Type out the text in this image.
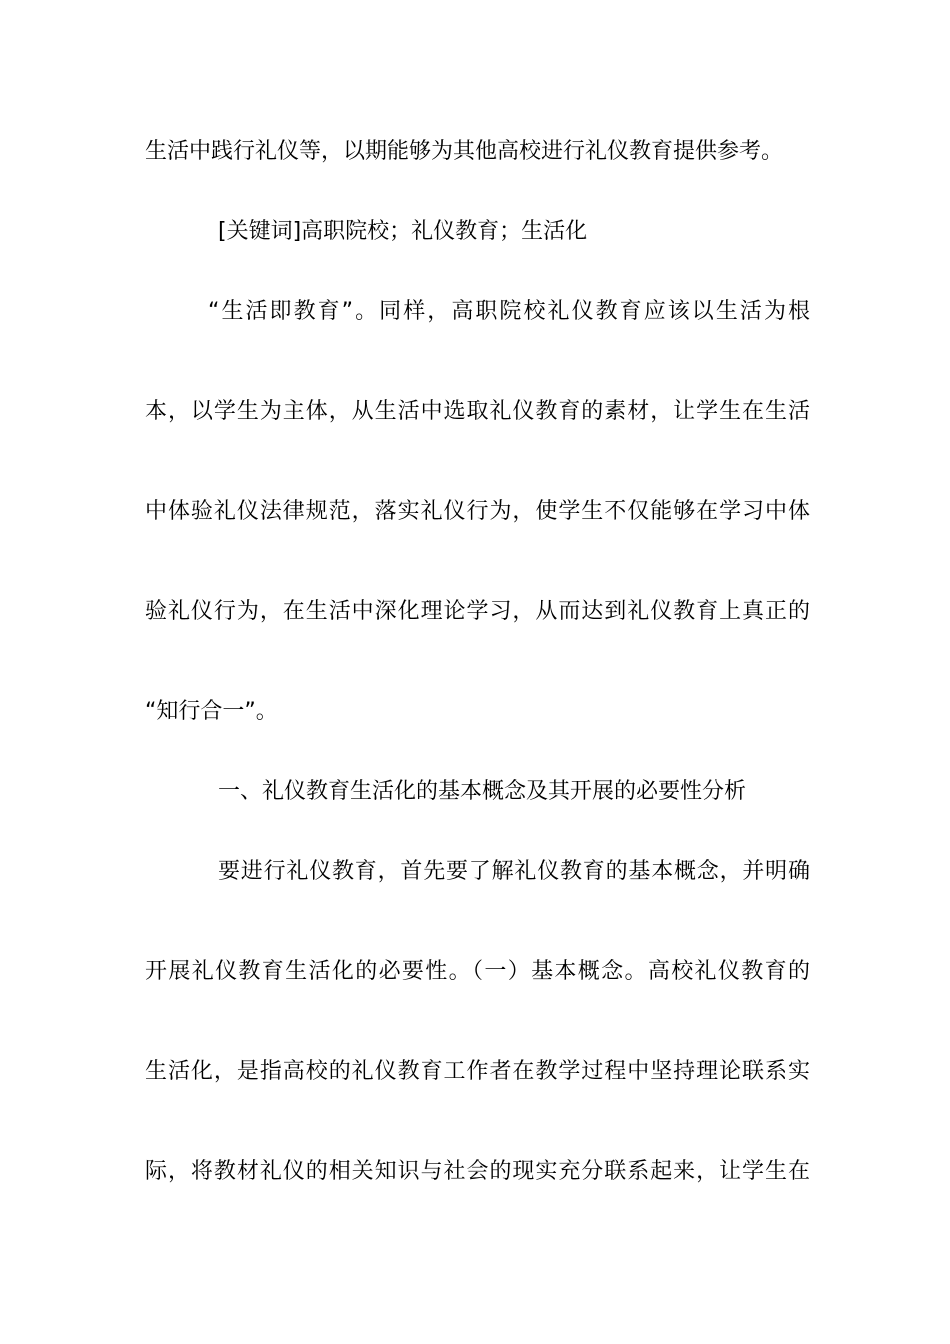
生活中践行礼仪等，以期能够为其他高校进行礼仪教育提供参考。
[关键词]高职院校；礼仪教育；生活化
“生活即教育”。同样，高职院校礼仪教育应该以生活为根
本，以学生为主体，从生活中选取礼仪教育的素材，让学生在生活
中体验礼仪法律规范，落实礼仪行为，使学生不仅能够在学习中体
验礼仪行为，在生活中深化理论学习，从而达到礼仪教育上真正的
“知行合一”。
一、礼仪教育生活化的基本概念及其开展的必要性分析
要进行礼仪教育，首先要了解礼仪教育的基本概念，并明确
开展礼仪教育生活化的必要性。（一）基本概念。高校礼仪教育的
生活化，是指高校的礼仪教育工作者在教学过程中坚持理论联系实
际，将教材礼仪的相关知识与社会的现实充分联系起来，让学生在
